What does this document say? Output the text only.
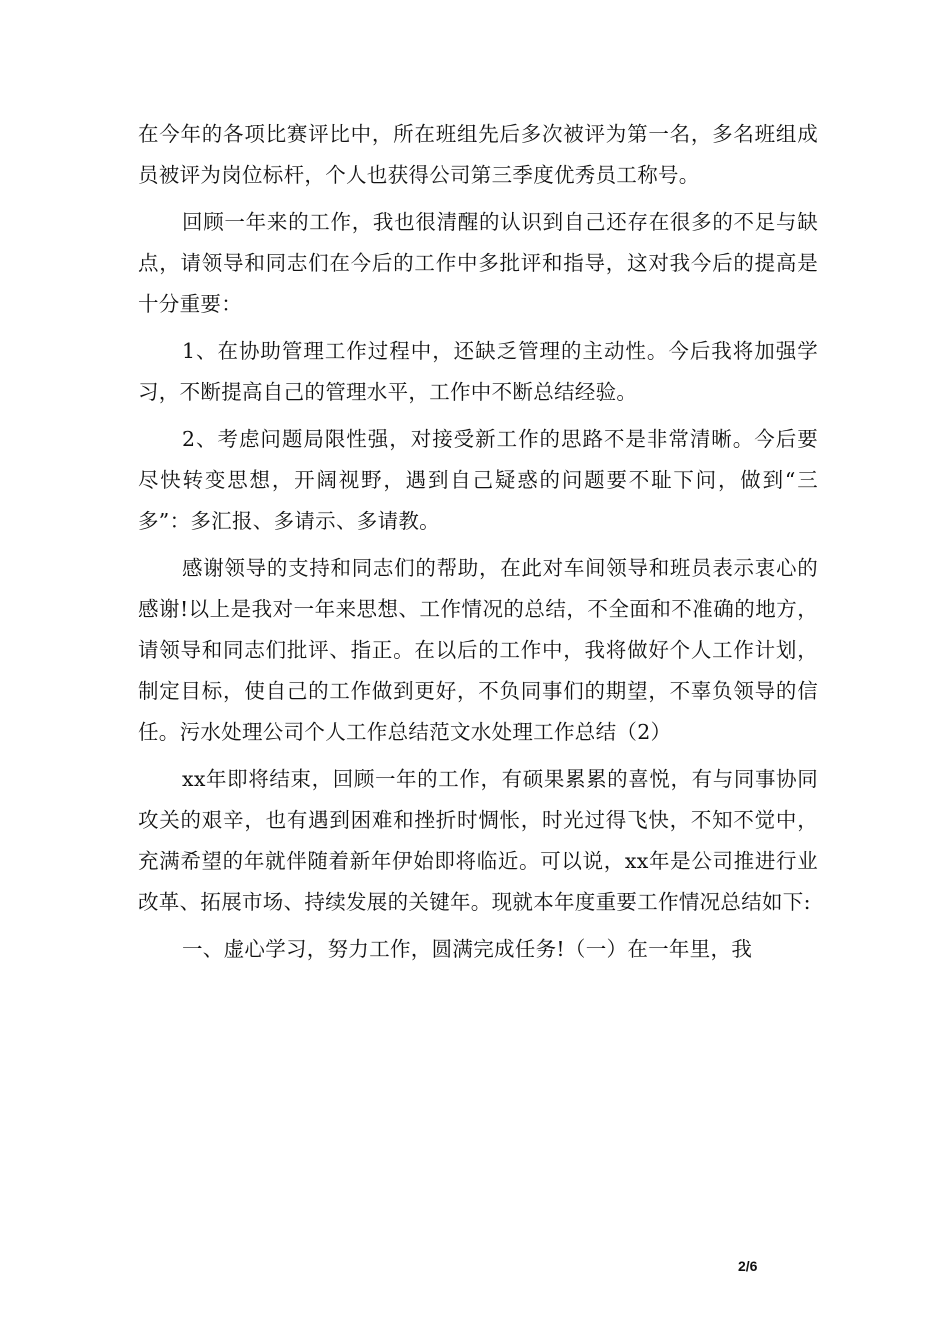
在今年的各项比赛评比中，所在班组先后多次被评为第一名，多名班组成员被评为岗位标杆，个人也获得公司第三季度优秀员工称号。

回顾一年来的工作，我也很清醒的认识到自己还存在很多的不足与缺点，请领导和同志们在今后的工作中多批评和指导，这对我今后的提高是十分重要：

1、在协助管理工作过程中，还缺乏管理的主动性。今后我将加强学习，不断提高自己的管理水平，工作中不断总结经验。

2、考虑问题局限性强，对接受新工作的思路不是非常清晰。今后要尽快转变思想，开阔视野，遇到自己疑惑的问题要不耻下问，做到“三多”：多汇报、多请示、多请教。

感谢领导的支持和同志们的帮助，在此对车间领导和班员表示衷心的感谢!以上是我对一年来思想、工作情况的总结，不全面和不准确的地方，请领导和同志们批评、指正。在以后的工作中，我将做好个人工作计划，制定目标，使自己的工作做到更好，不负同事们的期望，不辜负领导的信任。污水处理公司个人工作总结范文水处理工作总结（2）

xx年即将结束，回顾一年的工作，有硕果累累的喜悦，有与同事协同攻关的艰辛，也有遇到困难和挫折时惆怅，时光过得飞快，不知不觉中，充满希望的年就伴随着新年伊始即将临近。可以说，xx年是公司推进行业改革、拓展市场、持续发展的关键年。现就本年度重要工作情况总结如下:

一、虚心学习，努力工作，圆满完成任务!（一）在一年里，我

2/6
